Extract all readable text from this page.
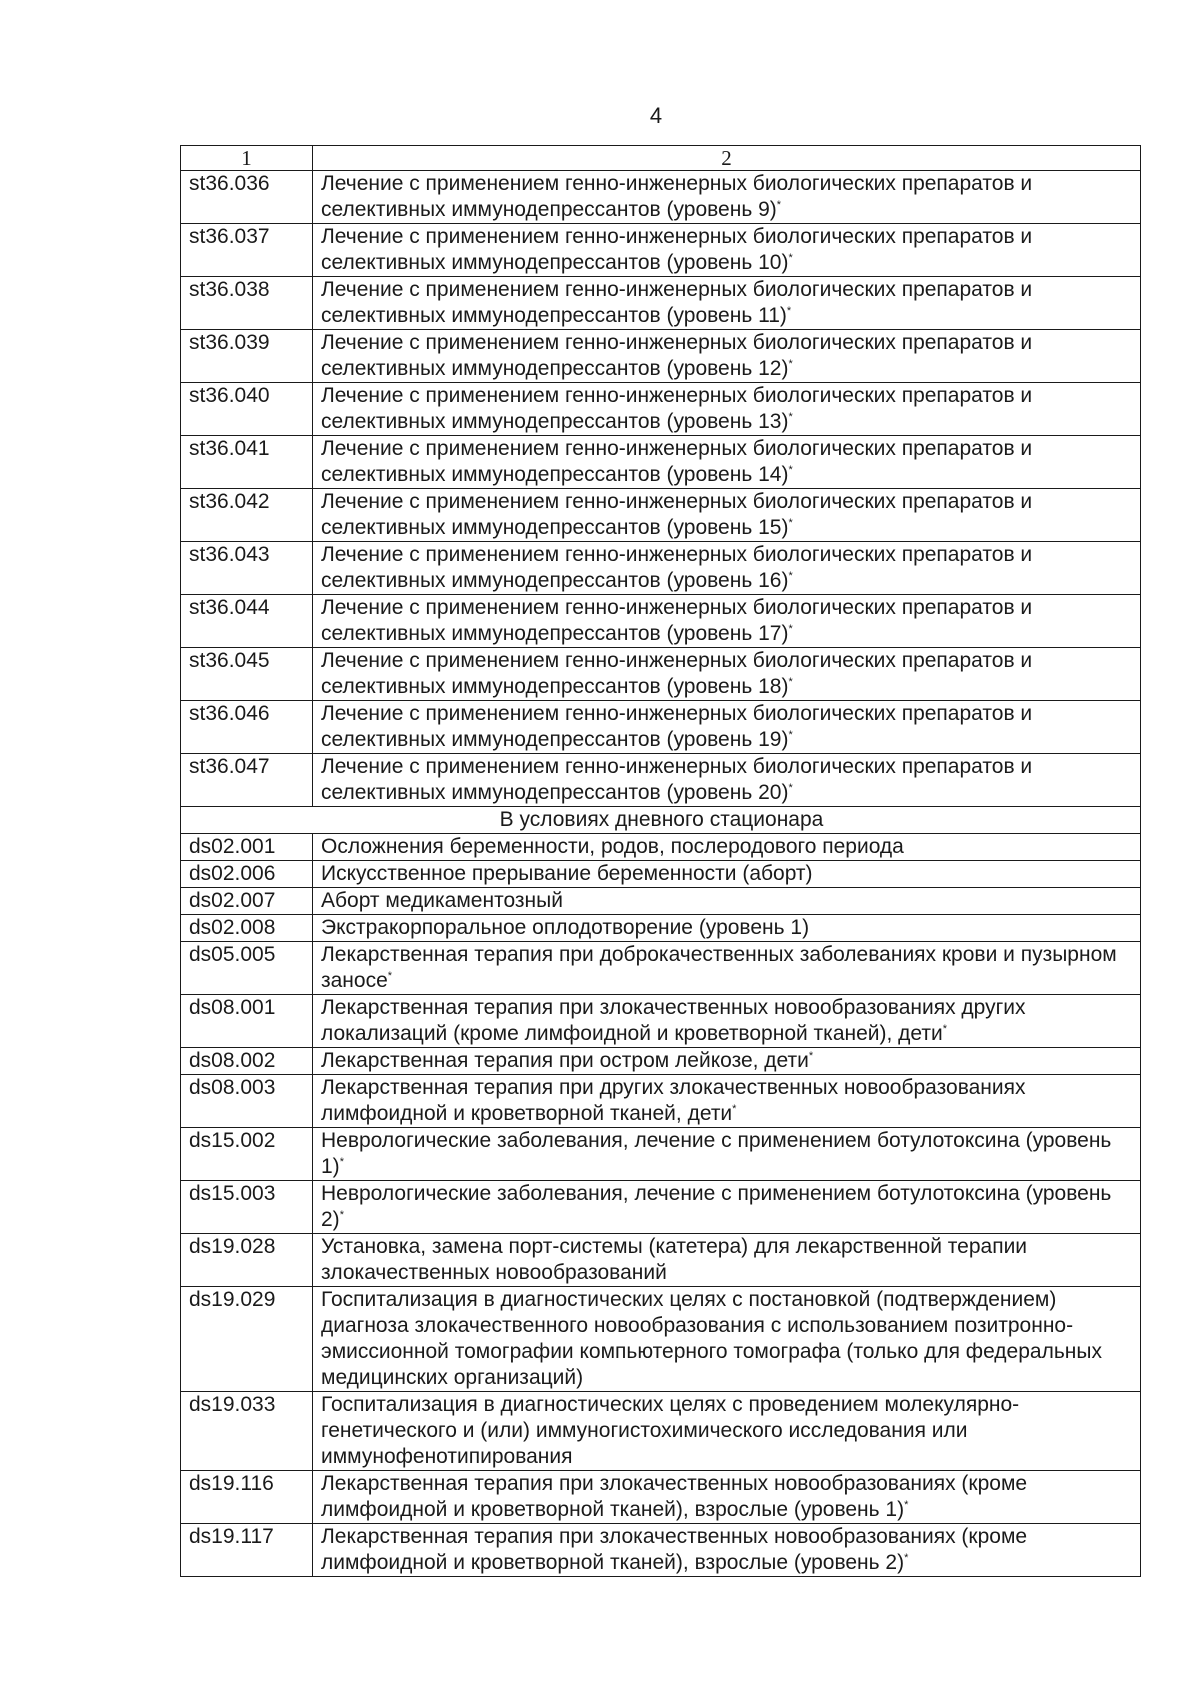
4
1	2
st36.036	Лечение с применением генно-инженерных биологических препаратов и селективных иммунодепрессантов (уровень 9)*
st36.037	Лечение с применением генно-инженерных биологических препаратов и селективных иммунодепрессантов (уровень 10)*
st36.038	Лечение с применением генно-инженерных биологических препаратов и селективных иммунодепрессантов (уровень 11)*
st36.039	Лечение с применением генно-инженерных биологических препаратов и селективных иммунодепрессантов (уровень 12)*
st36.040	Лечение с применением генно-инженерных биологических препаратов и селективных иммунодепрессантов (уровень 13)*
st36.041	Лечение с применением генно-инженерных биологических препаратов и селективных иммунодепрессантов (уровень 14)*
st36.042	Лечение с применением генно-инженерных биологических препаратов и селективных иммунодепрессантов (уровень 15)*
st36.043	Лечение с применением генно-инженерных биологических препаратов и селективных иммунодепрессантов (уровень 16)*
st36.044	Лечение с применением генно-инженерных биологических препаратов и селективных иммунодепрессантов (уровень 17)*
st36.045	Лечение с применением генно-инженерных биологических препаратов и селективных иммунодепрессантов (уровень 18)*
st36.046	Лечение с применением генно-инженерных биологических препаратов и селективных иммунодепрессантов (уровень 19)*
st36.047	Лечение с применением генно-инженерных биологических препаратов и селективных иммунодепрессантов (уровень 20)*
В условиях дневного стационара	
ds02.001	Осложнения беременности, родов, послеродового периода
ds02.006	Искусственное прерывание беременности (аборт)
ds02.007	Аборт медикаментозный
ds02.008	Экстракорпоральное оплодотворение (уровень 1)
ds05.005	Лекарственная терапия при доброкачественных заболеваниях крови и пузырном заносе*
ds08.001	Лекарственная терапия при злокачественных новообразованиях других локализаций (кроме лимфоидной и кроветворной тканей), дети*
ds08.002	Лекарственная терапия при остром лейкозе, дети*
ds08.003	Лекарственная терапия при других злокачественных новообразованиях лимфоидной и кроветворной тканей, дети*
ds15.002	Неврологические заболевания, лечение с применением ботулотоксина (уровень 1)*
ds15.003	Неврологические заболевания, лечение с применением ботулотоксина (уровень 2)*
ds19.028	Установка, замена порт-системы (катетера) для лекарственной терапии злокачественных новообразований
ds19.029	Госпитализация в диагностических целях с постановкой (подтверждением) диагноза злокачественного новообразования с использованием позитронно-эмиссионной томографии компьютерного томографа (только для федеральных медицинских организаций)
ds19.033	Госпитализация в диагностических целях с проведением молекулярно-генетического и (или) иммуногистохимического исследования или иммунофенотипирования
ds19.116	Лекарственная терапия при злокачественных новообразованиях (кроме лимфоидной и кроветворной тканей), взрослые (уровень 1)*
ds19.117	Лекарственная терапия при злокачественных новообразованиях (кроме лимфоидной и кроветворной тканей), взрослые (уровень 2)*
